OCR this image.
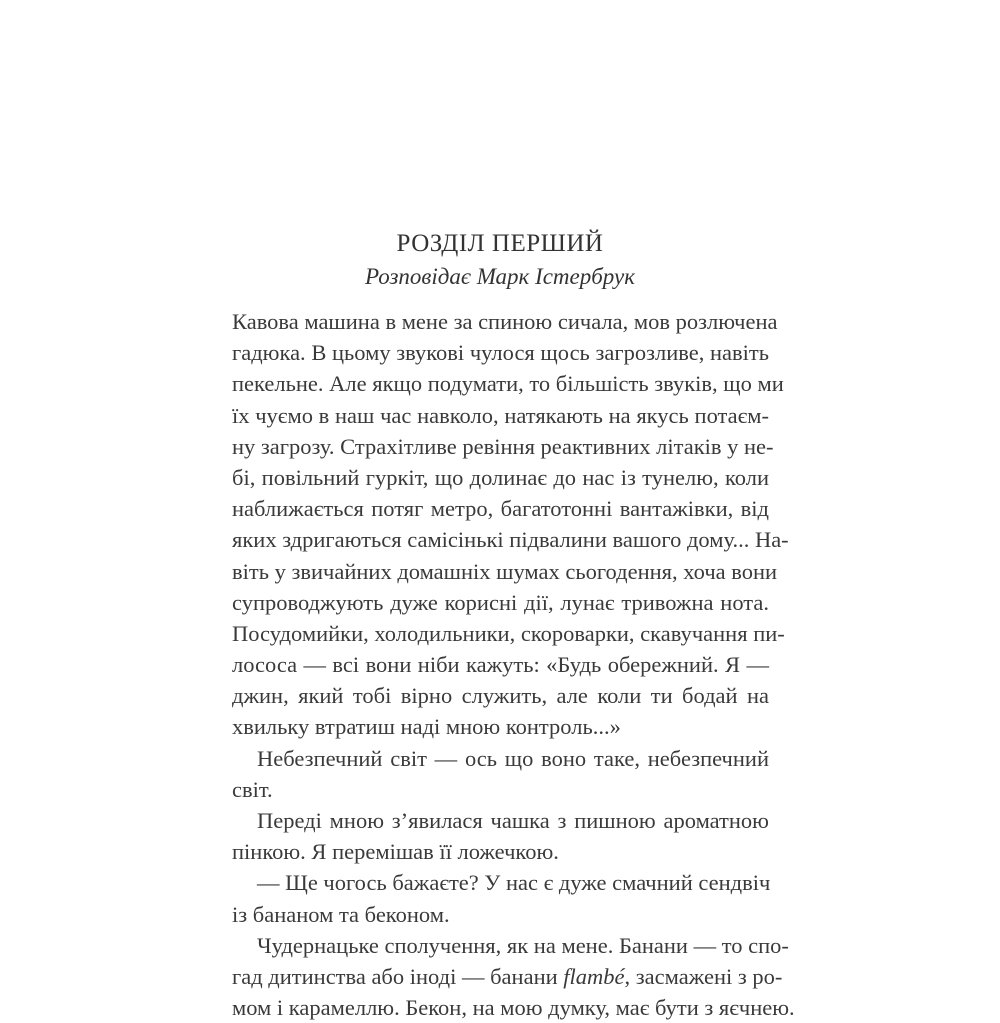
РОЗДІЛ ПЕРШИЙ
Розповідає Марк Істербрук
Кавова машина в мене за спиною сичала, мов розлючена
гадюка. В цьому звукові чулося щось загрозливе, навіть
пекельне. Але якщо подумати, то більшість звуків, що ми
їх чуємо в наш час навколо, натякають на якусь потаєм-
ну загрозу. Страхітливе ревіння реактивних літаків у не-
бі, повільний гуркіт, що долинає до нас із тунелю, коли
наближається потяг метро, багатотонні вантажівки, від
яких здригаються самісінькі підвалини вашого дому... На-
віть у звичайних домашніх шумах сьогодення, хоча вони
супроводжують дуже корисні дії, лунає тривожна нота.
Посудомийки, холодильники, скороварки, скавучання пи-
лососа — всі вони ніби кажуть: «Будь обережний. Я —
джин, який тобі вірно служить, але коли ти бодай на
хвильку втратиш наді мною контроль...»
Небезпечний світ — ось що воно таке, небезпечний
світ.
Переді мною з’явилася чашка з пишною ароматною
пінкою. Я перемішав її ложечкою.
— Ще чогось бажаєте? У нас є дуже смачний сендвіч
із бананом та беконом.
Чудернацьке сполучення, як на мене. Банани — то спо-
гад дитинства або іноді — банани flambé, засмажені з ро-
мом і карамеллю. Бекон, на мою думку, має бути з яєчнею.
